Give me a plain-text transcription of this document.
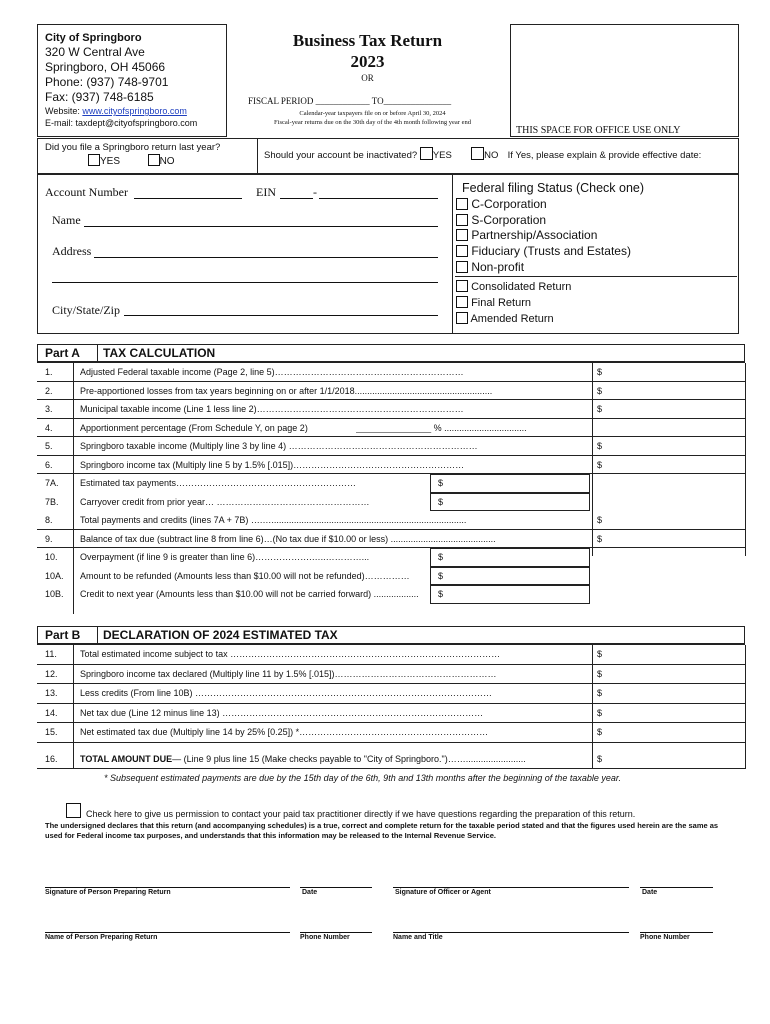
City of Springboro
320 W Central Ave
Springboro, OH 45066
Phone: (937) 748-9701
Fax: (937) 748-6185
Website: www.cityofspringboro.com
E-mail: taxdept@cityofspringboro.com
Business Tax Return
2023
OR
FISCAL PERIOD ____________ TO_______________
Calendar-year taxpayers file on or before April 30, 2024
Fiscal-year returns due on the 30th day of the 4th month following year end
THIS SPACE FOR OFFICE USE ONLY
Did you file a Springboro return last year?
YES	NO
Should your account be inactivated? YES	NO If Yes, please explain & provide effective date:
Account Number	EIN	-
Name
Address
City/State/Zip
Federal filing Status (Check one)
C-Corporation
S-Corporation
Partnership/Association
Fiduciary (Trusts and Estates)
Non-profit
Consolidated Return
Final Return
Amended Return
Part A TAX CALCULATION
1.	Adjusted Federal taxable income (Page 2, line 5)………………………………………………………	$
2.	Pre-apportioned losses from tax years beginning on or after 1/1/2018.......................................................	$
3.	Municipal taxable income (Line 1 less line 2)……………………………………………………………	$
4.	Apportionment percentage (From Schedule Y, on page 2)	_______________ % .................................
5.	Springboro taxable income (Multiply line 3 by line 4) ………………………………………………………	$
6.	Springboro income tax (Multiply line 5 by 1.5% [.015])…………………………………………………	$
7A. Estimated tax payments……………………………………………………	$
7B. Carryover credit from prior year… ……………………………………………	$
8.	Total payments and credits (lines 7A + 7B) ….…..............................................................................	$
9.	Balance of tax due (subtract line 8 from line 6)…(No tax due if $10.00 or less) ..........................................	$
10. Overpayment (if line 9 is greater than line 6)……………….…..…………...	$
10A. Amount to be refunded (Amounts less than $10.00 will not be refunded)……………	$
10B. Credit to next year (Amounts less than $10.00 will not be carried forward) ..................	$
Part B DECLARATION OF 2024 ESTIMATED TAX
11.	Total estimated income subject to tax ………………………………………………………………………………	$
12. Springboro income tax declared (Multiply line 11 by 1.5% [.015])………………………………………………	$
13. Less credits (From line 10B) ………………………………………………………………………………………	$
14. Net tax due (Line 12 minus line 13) ……………………………………………………………………………	$
15. Net estimated tax due (Multiply line 14 by 25% [0.25]) *………………………………………………………	$
16. TOTAL AMOUNT DUE— (Line 9 plus line 15 (Make checks payable to "City of Springboro.")……........................	$
* Subsequent estimated payments are due by the 15th day of the 6th, 9th and 13th months after the beginning of the taxable year.
Check here to give us permission to contact your paid tax practitioner directly if we have questions regarding the preparation of this return.
The undersigned declares that this return (and accompanying schedules) is a true, correct and complete return for the taxable period stated and that the figures used herein are the same as used for Federal income tax purposes, and understands that this information may be released to the Internal Revenue Service.
Signature of Person Preparing Return	Date	Signature of Officer or Agent	Date
Name of Person Preparing Return	Phone Number	Name and Title	Phone Number
